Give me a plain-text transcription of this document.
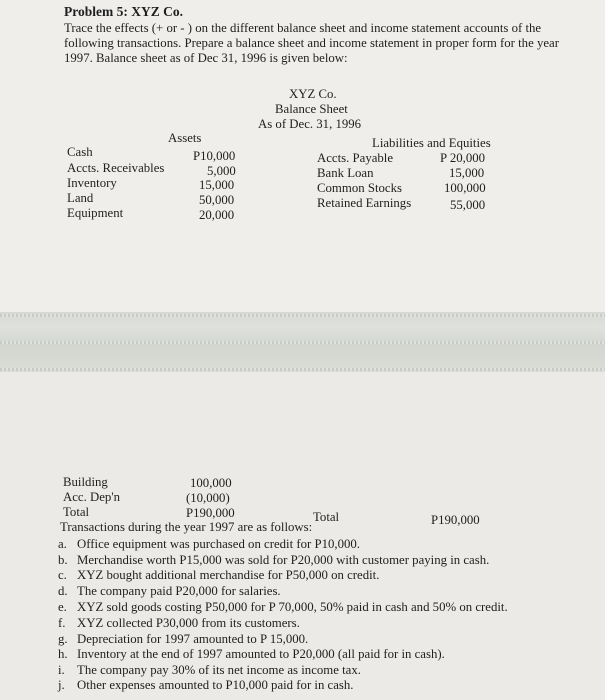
Problem 5: XYZ Co.
Trace the effects (+ or - ) on the different balance sheet and income statement accounts of the
following transactions. Prepare a balance sheet and income statement in proper form for the year
1997. Balance sheet as of Dec 31, 1996 is given below:
XYZ Co.
Balance Sheet
As of Dec. 31, 1996
Assets	Liabilities and Equities
Cash	P10,000
Accts. Receivables	5,000
Inventory	15,000
Land	50,000
Equipment	20,000
Accts. Payable	P 20,000
Bank Loan	15,000
Common Stocks	100,000
Retained Earnings	55,000
Building	100,000
Acc. Dep'n	(10,000)
Total	P190,000	Total	P190,000
Transactions during the year 1997 are as follows:
a. Office equipment was purchased on credit for P10,000.
b. Merchandise worth P15,000 was sold for P20,000 with customer paying in cash.
c. XYZ bought additional merchandise for P50,000 on credit.
d. The company paid P20,000 for salaries.
e. XYZ sold goods costing P50,000 for P 70,000, 50% paid in cash and 50% on credit.
f. XYZ collected P30,000 from its customers.
g. Depreciation for 1997 amounted to P 15,000.
h. Inventory at the end of 1997 amounted to P20,000 (all paid for in cash).
i. The company pay 30% of its net income as income tax.
j. Other expenses amounted to P10,000 paid for in cash.
